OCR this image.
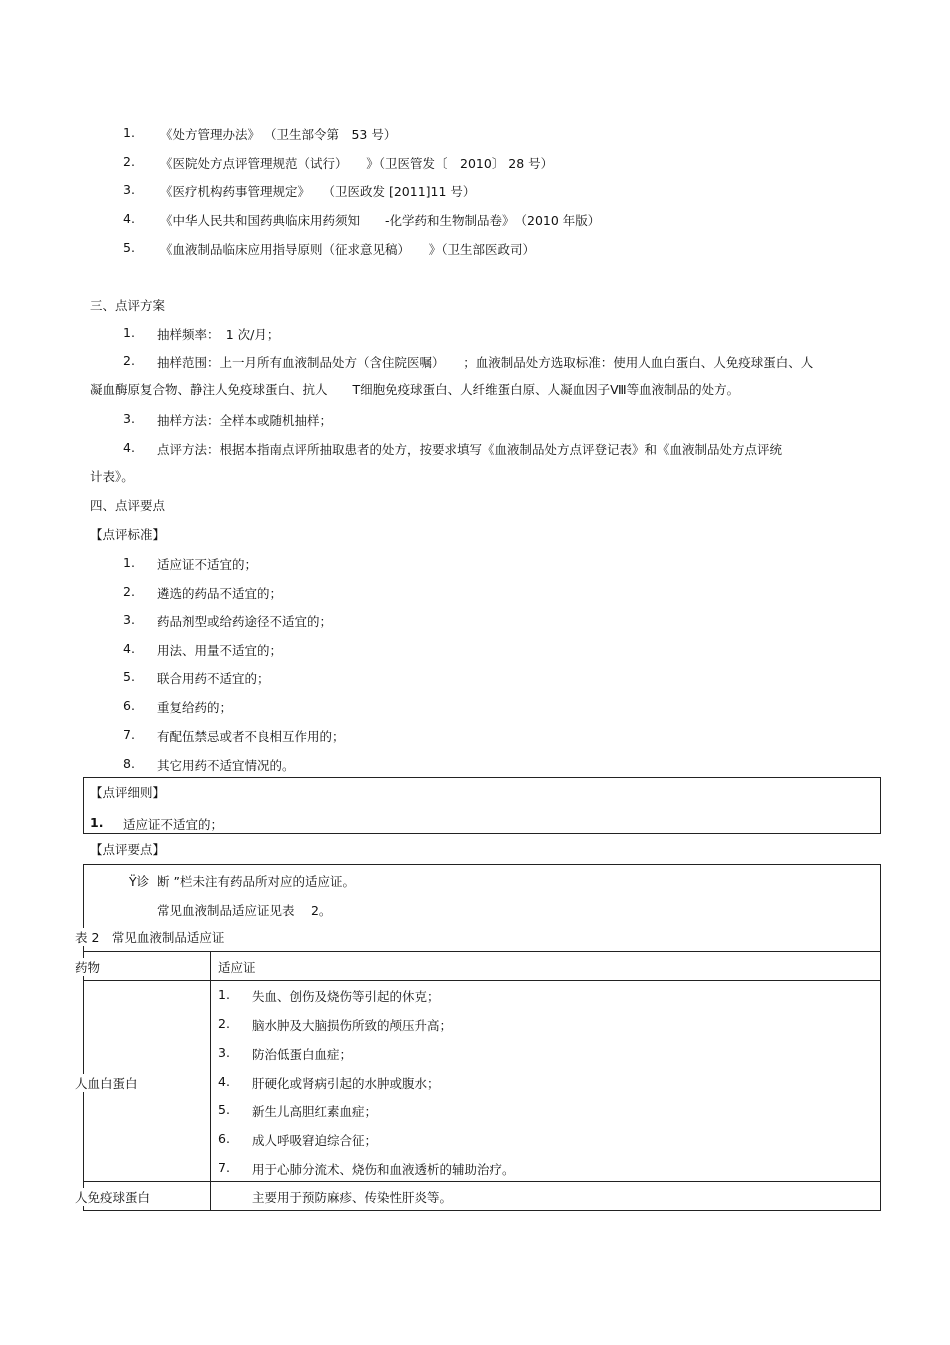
1. 《处方管理办法》 （卫生部令第　53 号）
2. 《医院处方点评管理规范（试行）　　》（卫医管发〔　2010〕 28 号）
3. 《医疗机构药事管理规定》　　（卫医政发 [2011]11 号）
4. 《中华人民共和国药典临床用药须知　　-化学药和生物制品卷》　（2010 年版）
5. 《血液制品临床应用指导原则（征求意见稿）　　》（卫生部医政司）
三、点评方案
1. 抽样频率：　1 次/月；
2. 抽样范围：上一月所有血液制品处方（含住院医嘱）　　；血液制品处方选取标准：使用人血白蛋白、人免疫球蛋白、人
凝血酶原复合物、静注人免疫球蛋白、抗人　　T细胞免疫球蛋白、人纤维蛋白原、人凝血因子Ⅷ等血液制品的处方。
3. 抽样方法：全样本或随机抽样；
4. 点评方法：根据本指南点评所抽取患者的处方，按要求填写《血液制品处方点评登记表》和《血液制品处方点评统
计表》。
四、点评要点
【点评标准】
1. 适应证不适宜的；
2. 遴选的药品不适宜的；
3. 药品剂型或给药途径不适宜的；
4. 用法、用量不适宜的；
5. 联合用药不适宜的；
6. 重复给药的；
7. 有配伍禁忌或者不良相互作用的；
8. 其它用药不适宜情况的。
【点评细则】
1. 适应证不适宜的；
【点评要点】
Ÿ诊 断 ”栏未注有药品所对应的适应证。
常见血液制品适应证见表　 2。
表 2　常见血液制品适应证
药物	适应证
人血白蛋白
1. 失血、创伤及烧伤等引起的休克；
2. 脑水肿及大脑损伤所致的颅压升高；
3. 防治低蛋白血症；
4. 肝硬化或肾病引起的水肿或腹水；
5. 新生儿高胆红素血症；
6. 成人呼吸窘迫综合征；
7. 用于心肺分流术、烧伤和血液透析的辅助治疗。
人免疫球蛋白	主要用于预防麻疹、传染性肝炎等。
